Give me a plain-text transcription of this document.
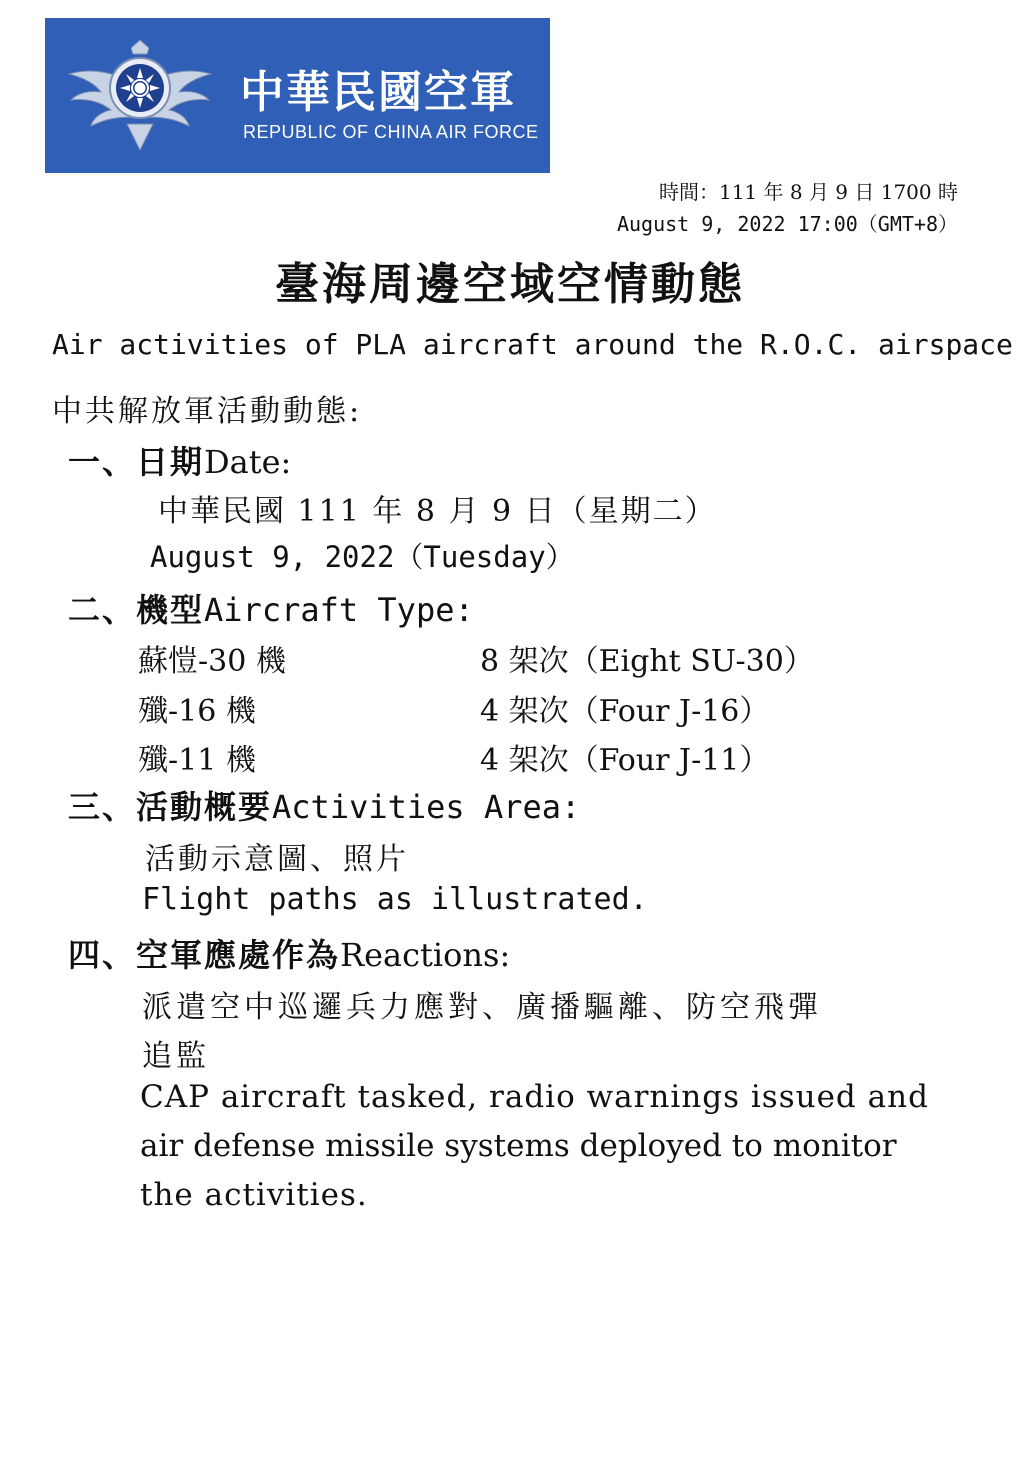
中華民國空軍
REPUBLIC OF CHINA AIR FORCE
時間：111 年 8 月 9 日 1700 時
August 9, 2022 17:00（GMT+8）
臺海周邊空域空情動態
Air activities of PLA aircraft around the R.O.C. airspace
中共解放軍活動動態:
一、日期Date:
中華民國 111 年 8 月 9 日（星期二）
August 9, 2022（Tuesday）
二、機型Aircraft Type:
蘇愷-30 機	8 架次（Eight SU-30）
殲-16 機	4 架次（Four J-16）
殲-11 機	4 架次（Four J-11）
三、活動概要Activities Area:
活動示意圖、照片
Flight paths as illustrated.
四、空軍應處作為Reactions:
派遣空中巡邏兵力應對、廣播驅離、防空飛彈
追監
CAP aircraft tasked, radio warnings issued and
air defense missile systems deployed to monitor
the activities.
